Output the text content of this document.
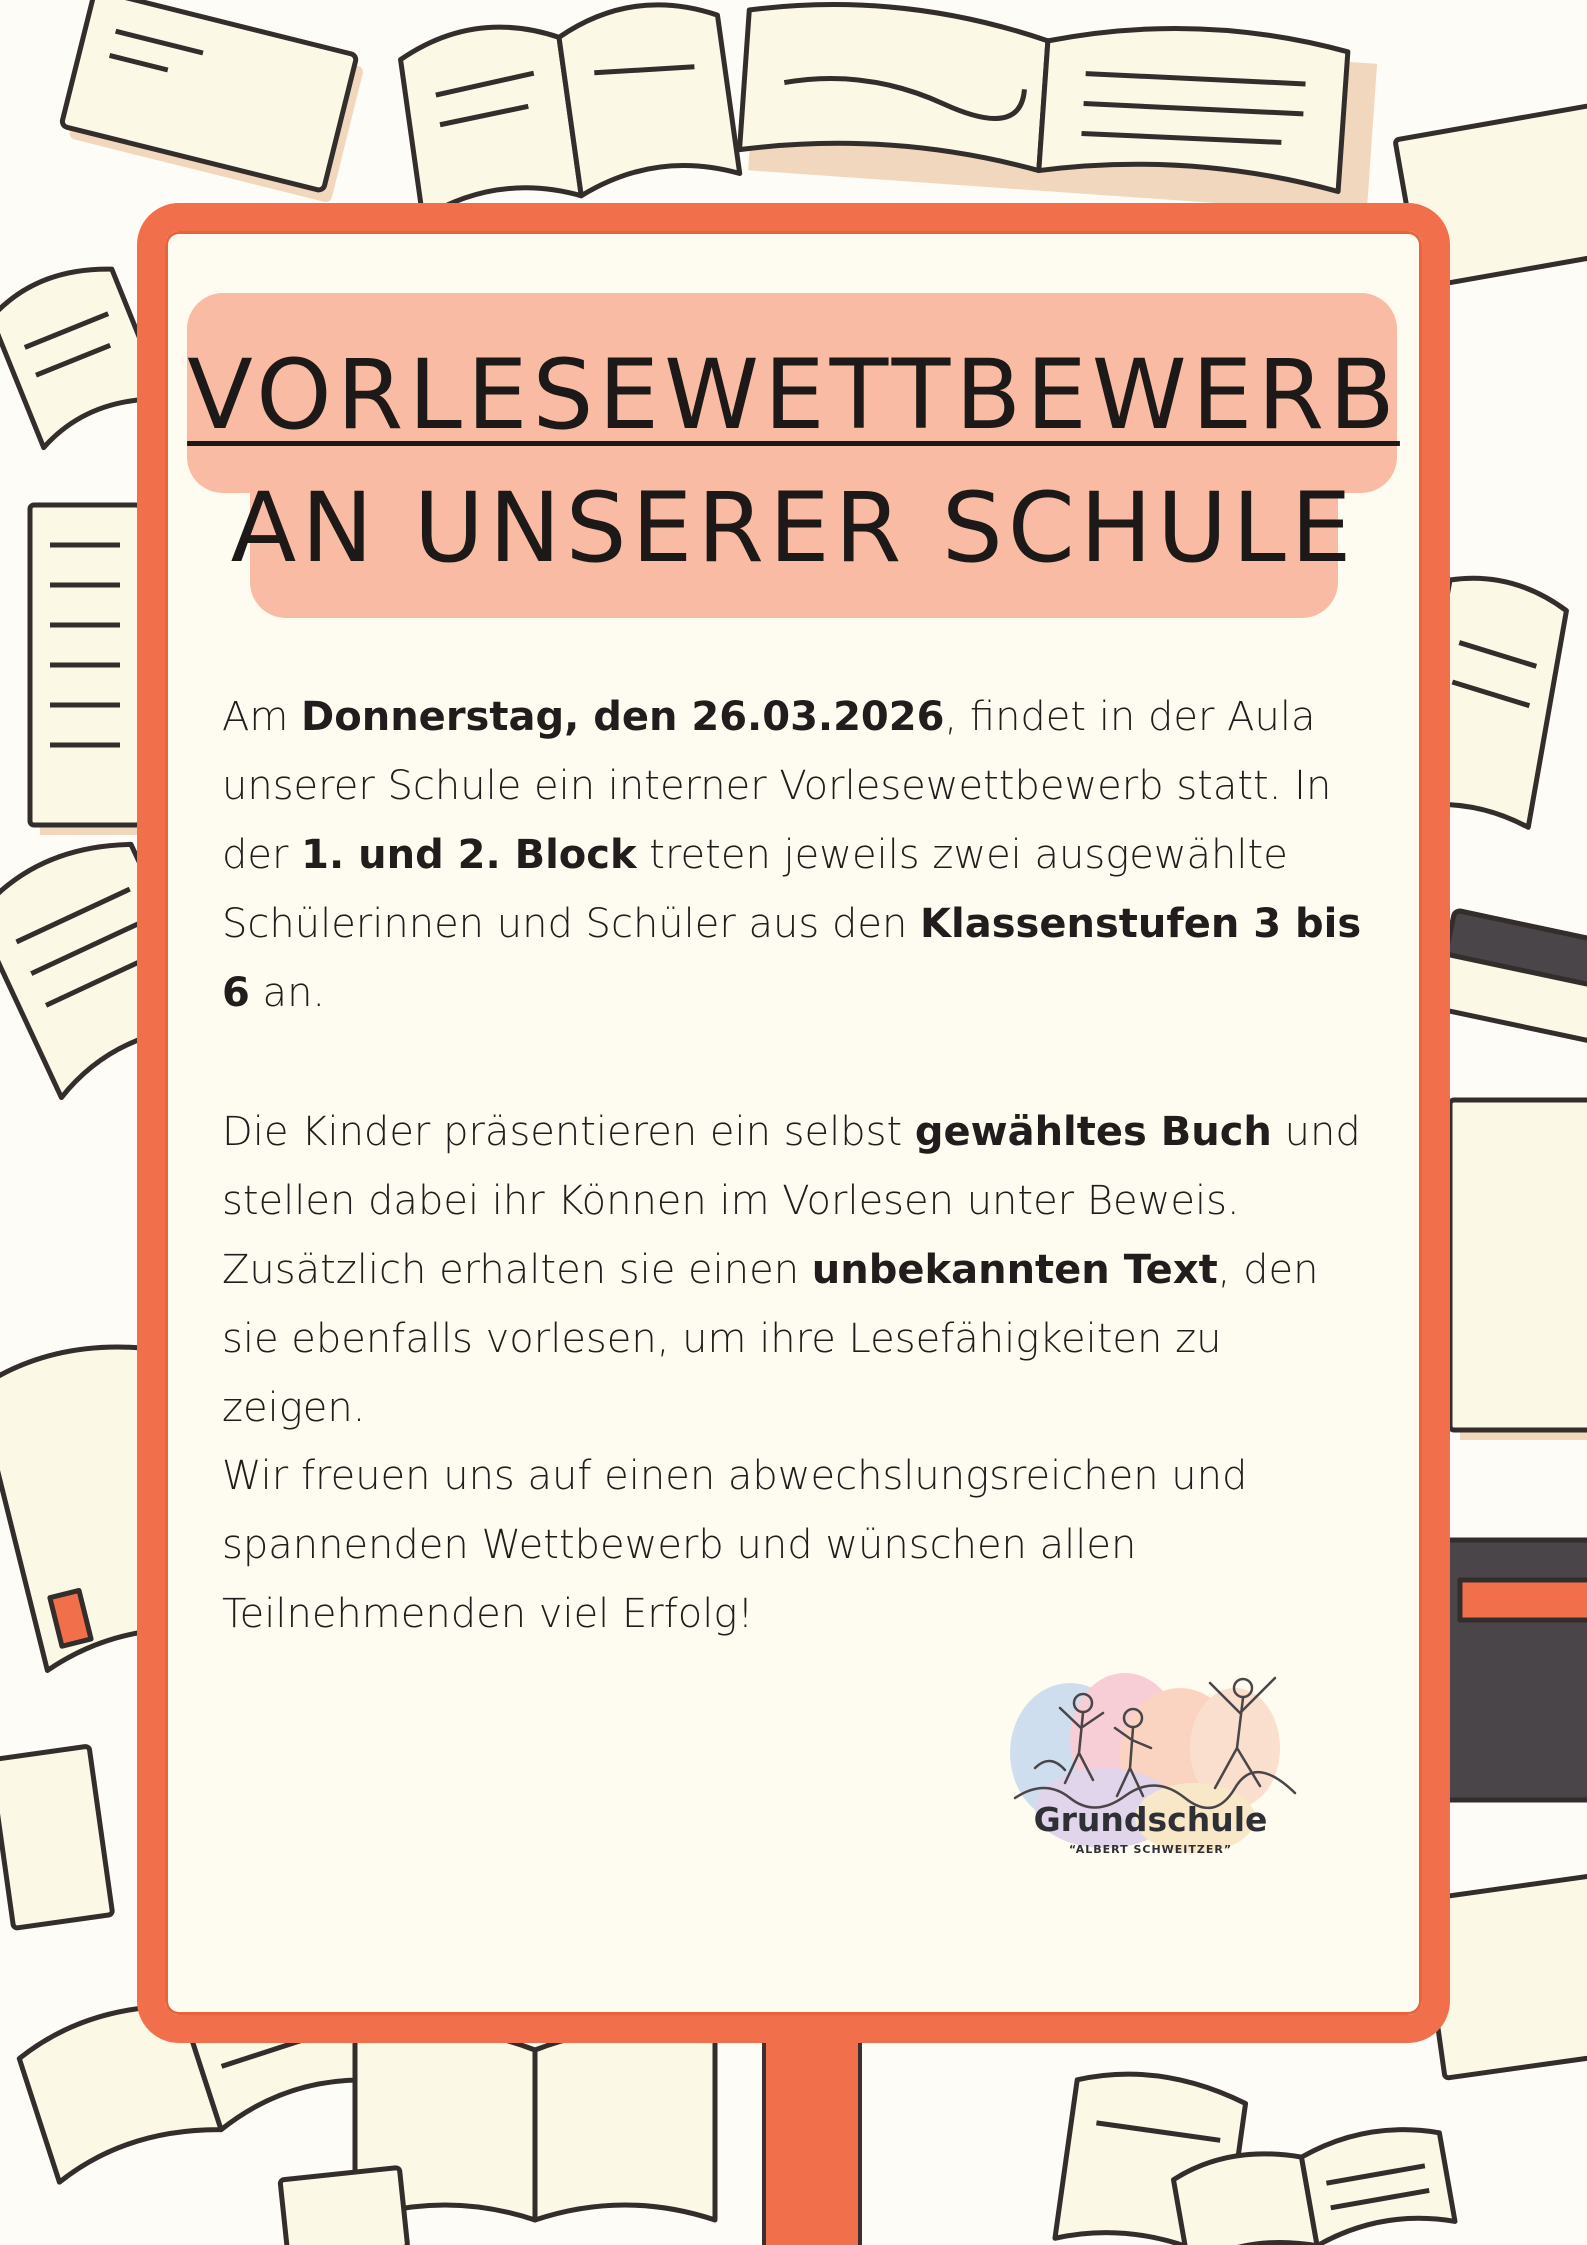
VORLESEWETTBEWERB
AN UNSERER SCHULE
Am Donnerstag, den 26.03.2026, findet in der Aula unserer Schule ein interner Vorlesewettbewerb statt. In der 1. und 2. Block treten jeweils zwei ausgewählte Schülerinnen und Schüler aus den Klassenstufen 3 bis 6 an.
Die Kinder präsentieren ein selbst gewähltes Buch und stellen dabei ihr Können im Vorlesen unter Beweis. Zusätzlich erhalten sie einen unbekannten Text, den sie ebenfalls vorlesen, um ihre Lesefähigkeiten zu zeigen.
Wir freuen uns auf einen abwechslungsreichen und spannenden Wettbewerb und wünschen allen Teilnehmenden viel Erfolg!
Grundschule
“ALBERT SCHWEITZER”
